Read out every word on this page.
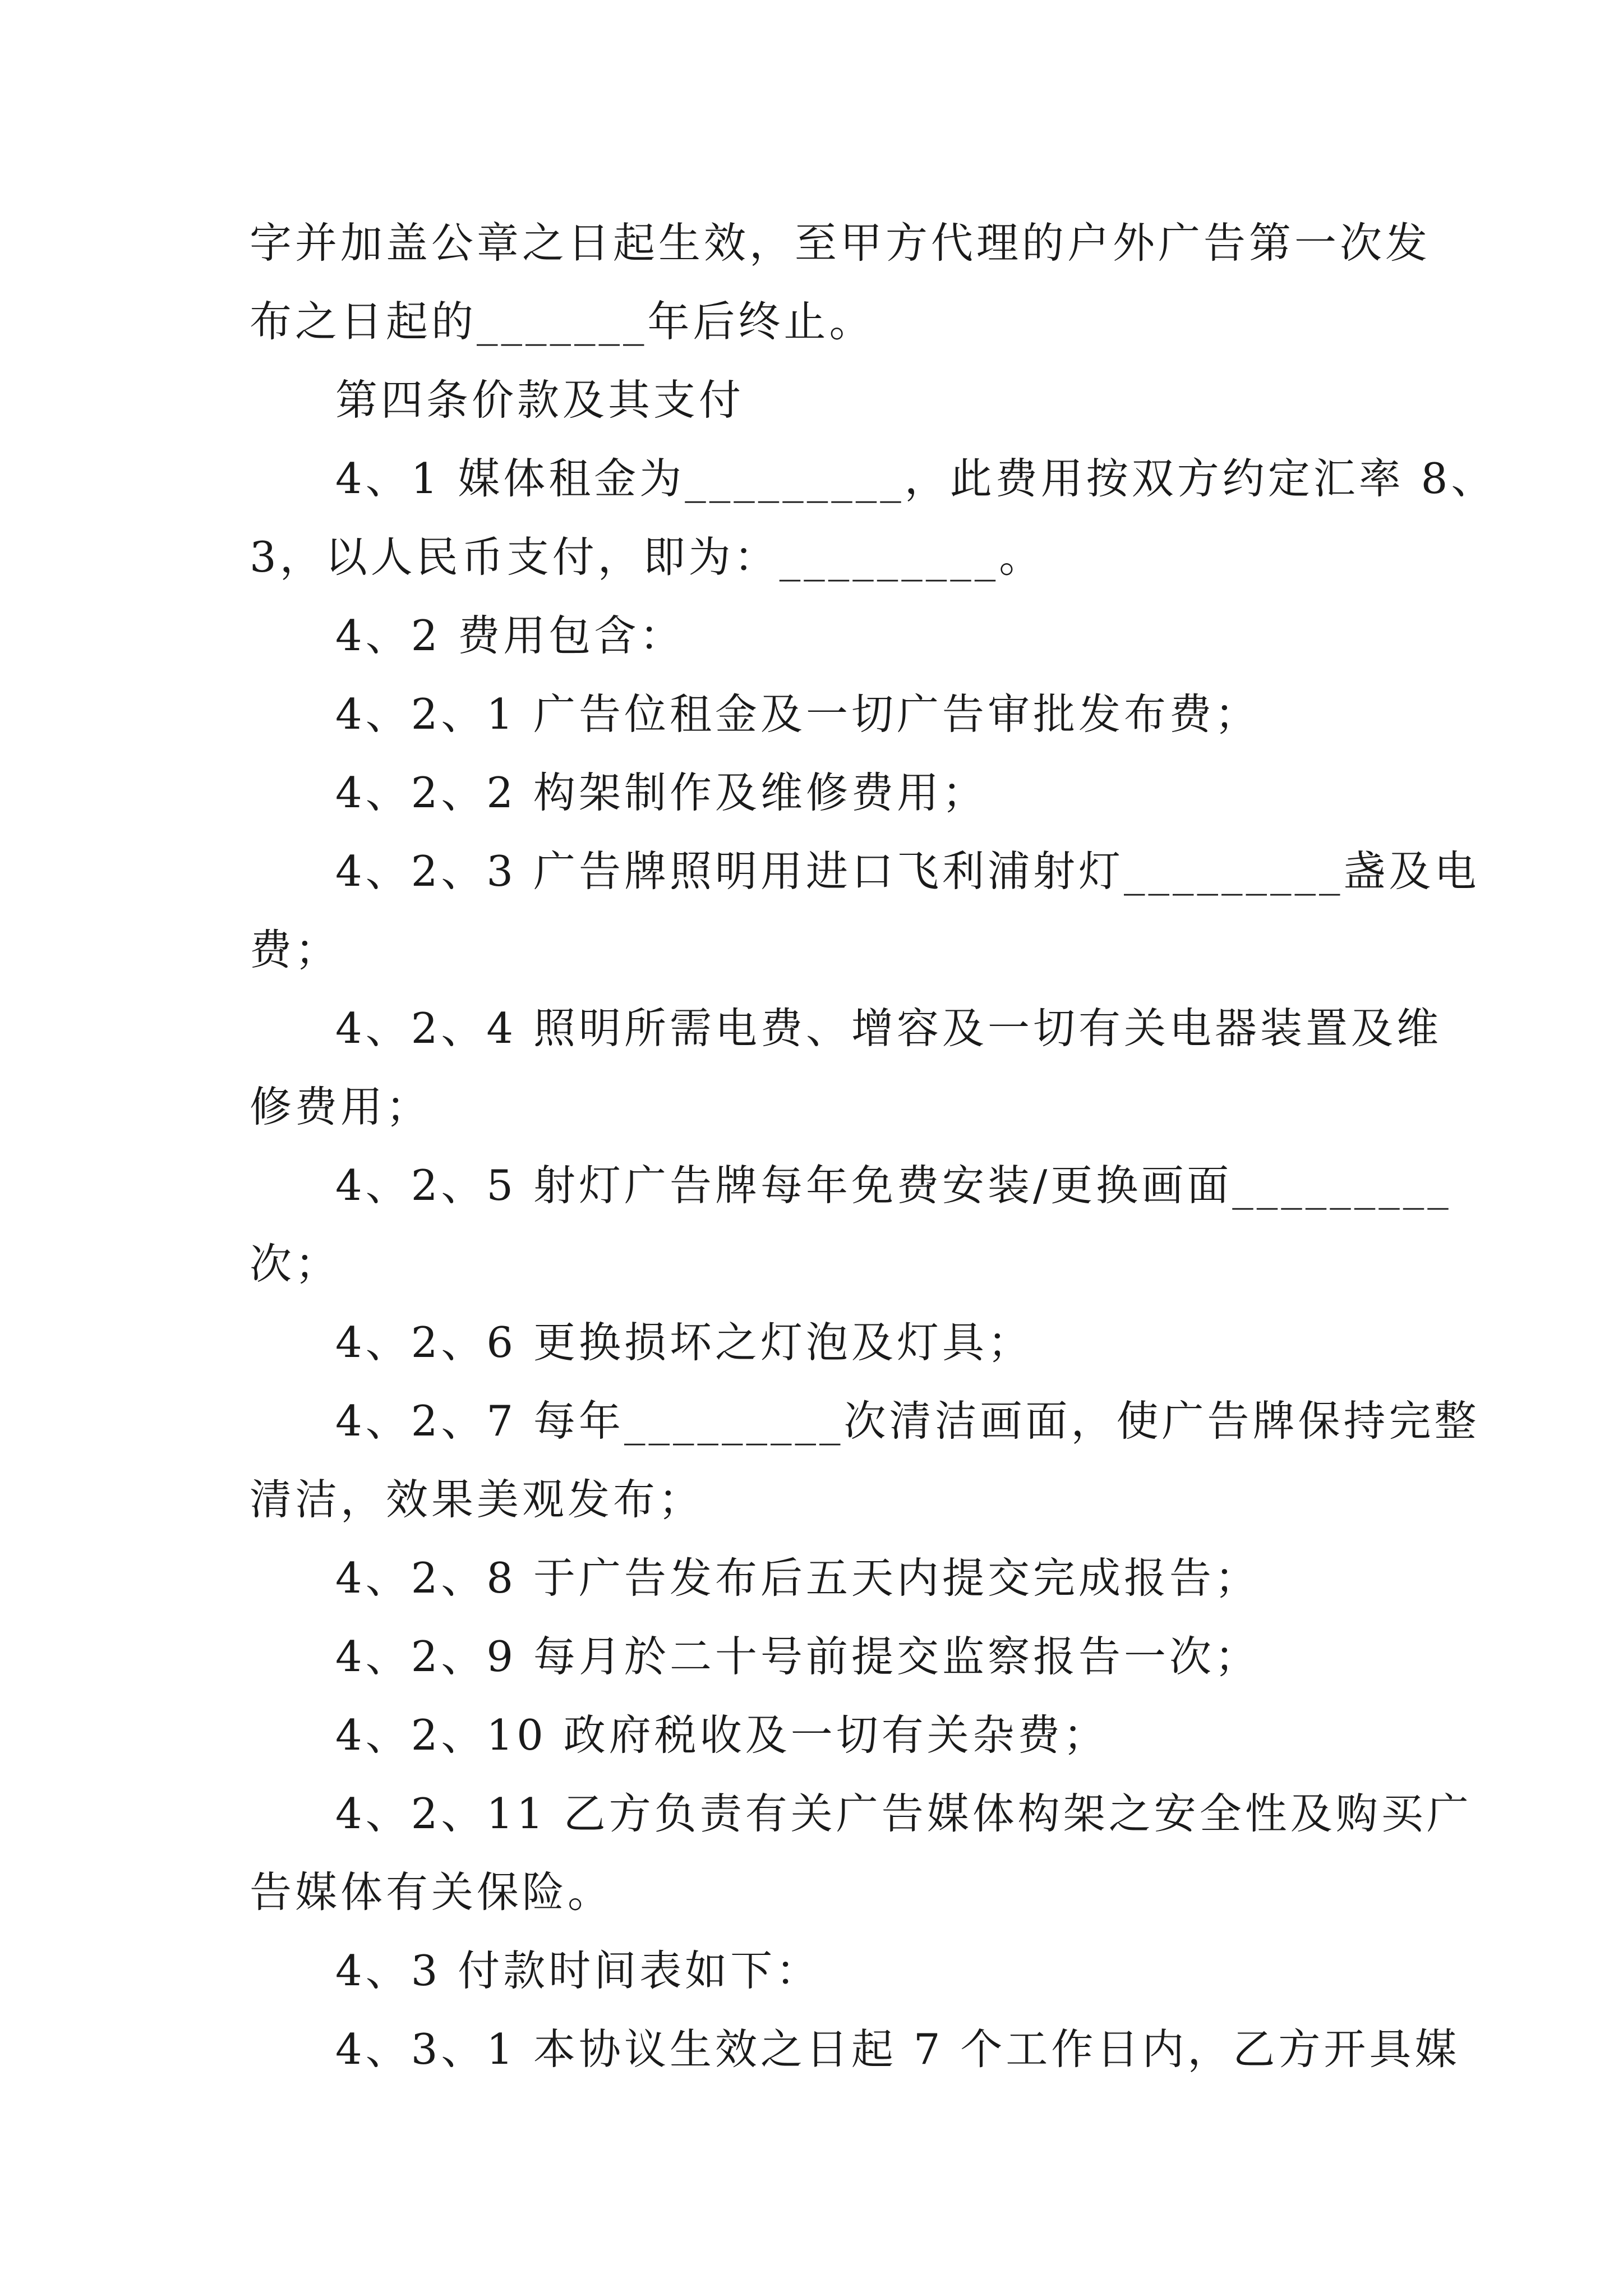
字并加盖公章之日起生效，至甲方代理的户外广告第一次发
布之日起的_______年后终止。
第四条价款及其支付
4、1 媒体租金为_________，此费用按双方约定汇率 8、
3，以人民币支付，即为：_________。
4、2 费用包含：
4、2、1 广告位租金及一切广告审批发布费；
4、2、2 构架制作及维修费用；
4、2、3 广告牌照明用进口飞利浦射灯_________盏及电
费；
4、2、4 照明所需电费、增容及一切有关电器装置及维
修费用；
4、2、5 射灯广告牌每年免费安装/更换画面_________
次；
4、2、6 更换损坏之灯泡及灯具；
4、2、7 每年_________次清洁画面，使广告牌保持完整
清洁，效果美观发布；
4、2、8 于广告发布后五天内提交完成报告；
4、2、9 每月於二十号前提交监察报告一次；
4、2、10 政府税收及一切有关杂费；
4、2、11 乙方负责有关广告媒体构架之安全性及购买广
告媒体有关保险。
4、3 付款时间表如下：
4、3、1 本协议生效之日起 7 个工作日内，乙方开具媒
